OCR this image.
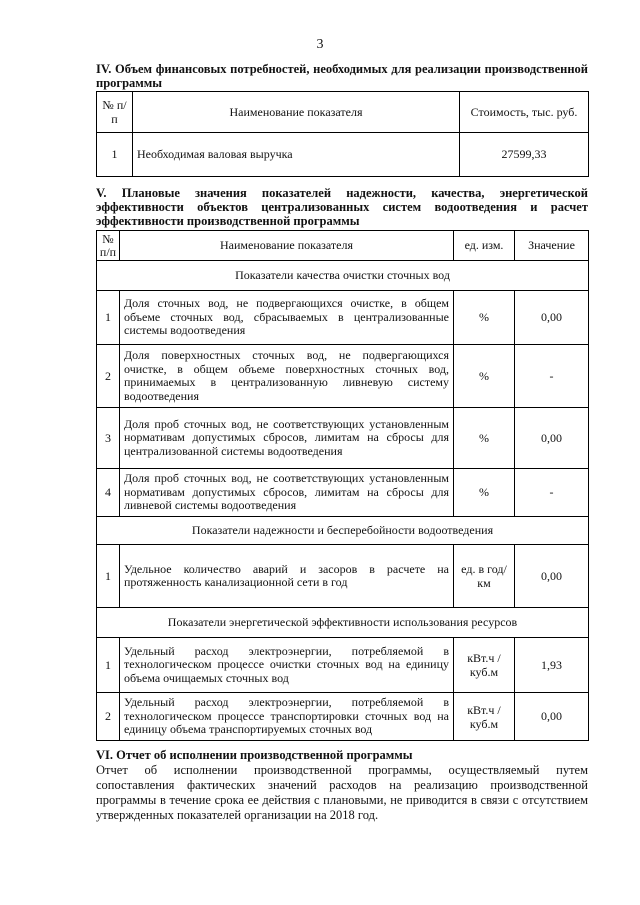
3
IV. Объем финансовых потребностей, необходимых для реализации производственной программы
№ п/п	Наименование показателя	Стоимость, тыс. руб.
1	Необходимая валовая выручка	27599,33
V. Плановые значения показателей надежности, качества, энергетической эффективности объектов централизованных систем водоотведения и расчет эффективности производственной программы
№ п/п	Наименование показателя	ед. изм.	Значение
Показатели качества очистки сточных вод			
1	Доля сточных вод, не подвергающихся очистке, в общем объеме сточных вод, сбрасываемых в централизованные системы водоотведения	%	0,00
2	Доля поверхностных сточных вод, не подвергающихся очистке, в общем объеме поверхностных сточных вод, принимаемых в централизованную ливневую систему водоотведения	%	-
3	Доля проб сточных вод, не соответствующих установленным нормативам допустимых сбросов, лимитам на сбросы для централизованной системы водоотведения	%	0,00
4	Доля проб сточных вод, не соответствующих установленным нормативам допустимых сбросов, лимитам на сбросы для ливневой системы водоотведения	%	-
Показатели надежности и бесперебойности водоотведения			
1	Удельное количество аварий и засоров в расчете на протяженность канализационной сети в год	ед. в год/ км	0,00
Показатели энергетической эффективности использования ресурсов			
1	Удельный расход электроэнергии, потребляемой в технологическом процессе очистки сточных вод на единицу объема очищаемых сточных вод	кВт.ч / куб.м	1,93
2	Удельный расход электроэнергии, потребляемой в технологическом процессе транспортировки сточных вод на единицу объема транспортируемых сточных вод	кВт.ч / куб.м	0,00
VI. Отчет об исполнении производственной программы
Отчет об исполнении производственной программы, осуществляемый путем сопоставления фактических значений расходов на реализацию производственной программы в течение срока ее действия с плановыми, не приводится в связи с отсутствием утвержденных показателей организации на 2018 год.
